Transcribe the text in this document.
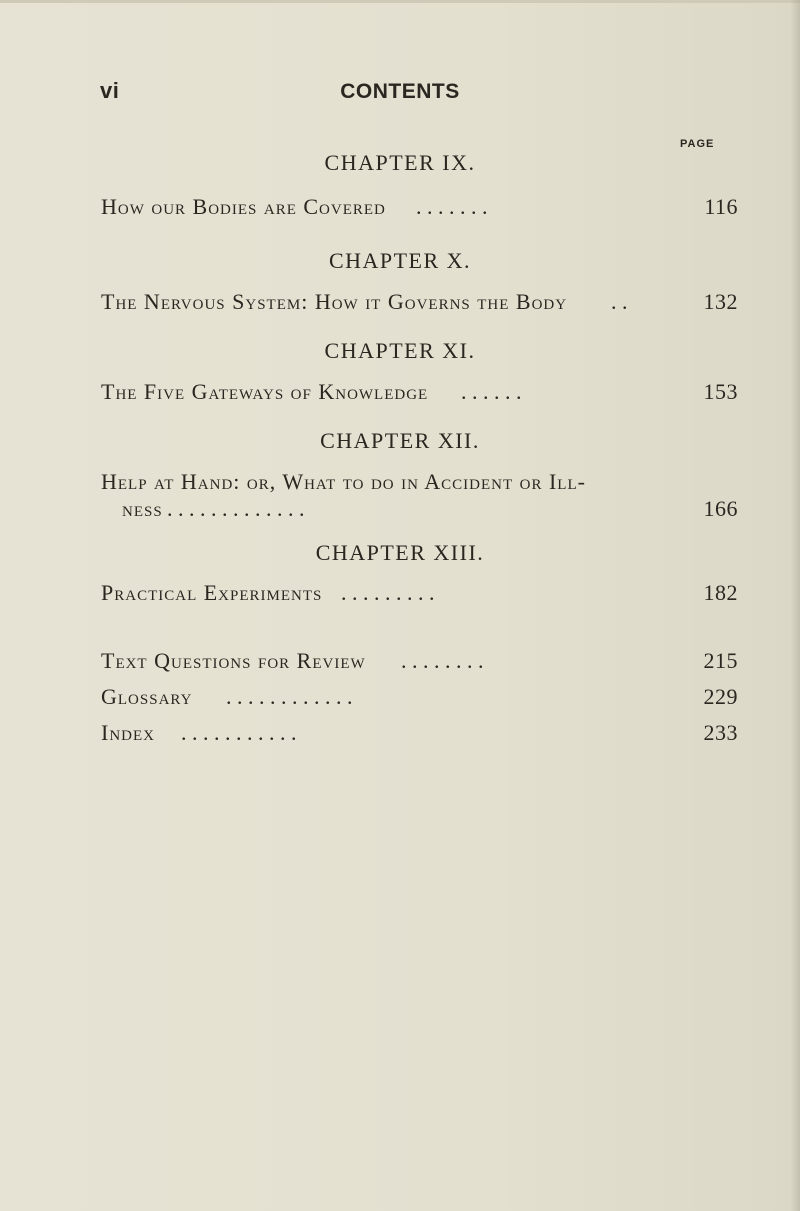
vi	CONTENTS
PAGE
CHAPTER IX.
How our Bodies are Covered . . . . . . .	116
CHAPTER X.
The Nervous System: How it Governs the Body . .	132
CHAPTER XI.
The Five Gateways of Knowledge . . . . . .	153
CHAPTER XII.
Help at Hand: or, What to do in Accident or Ill-
ness . . . . . . . . . . . . .	166
CHAPTER XIII.
Practical Experiments . . . . . . . . .	182
Text Questions for Review . . . . . . . .	215
Glossary . . . . . . . . . . . .	229
Index . . . . . . . . . . .	233
